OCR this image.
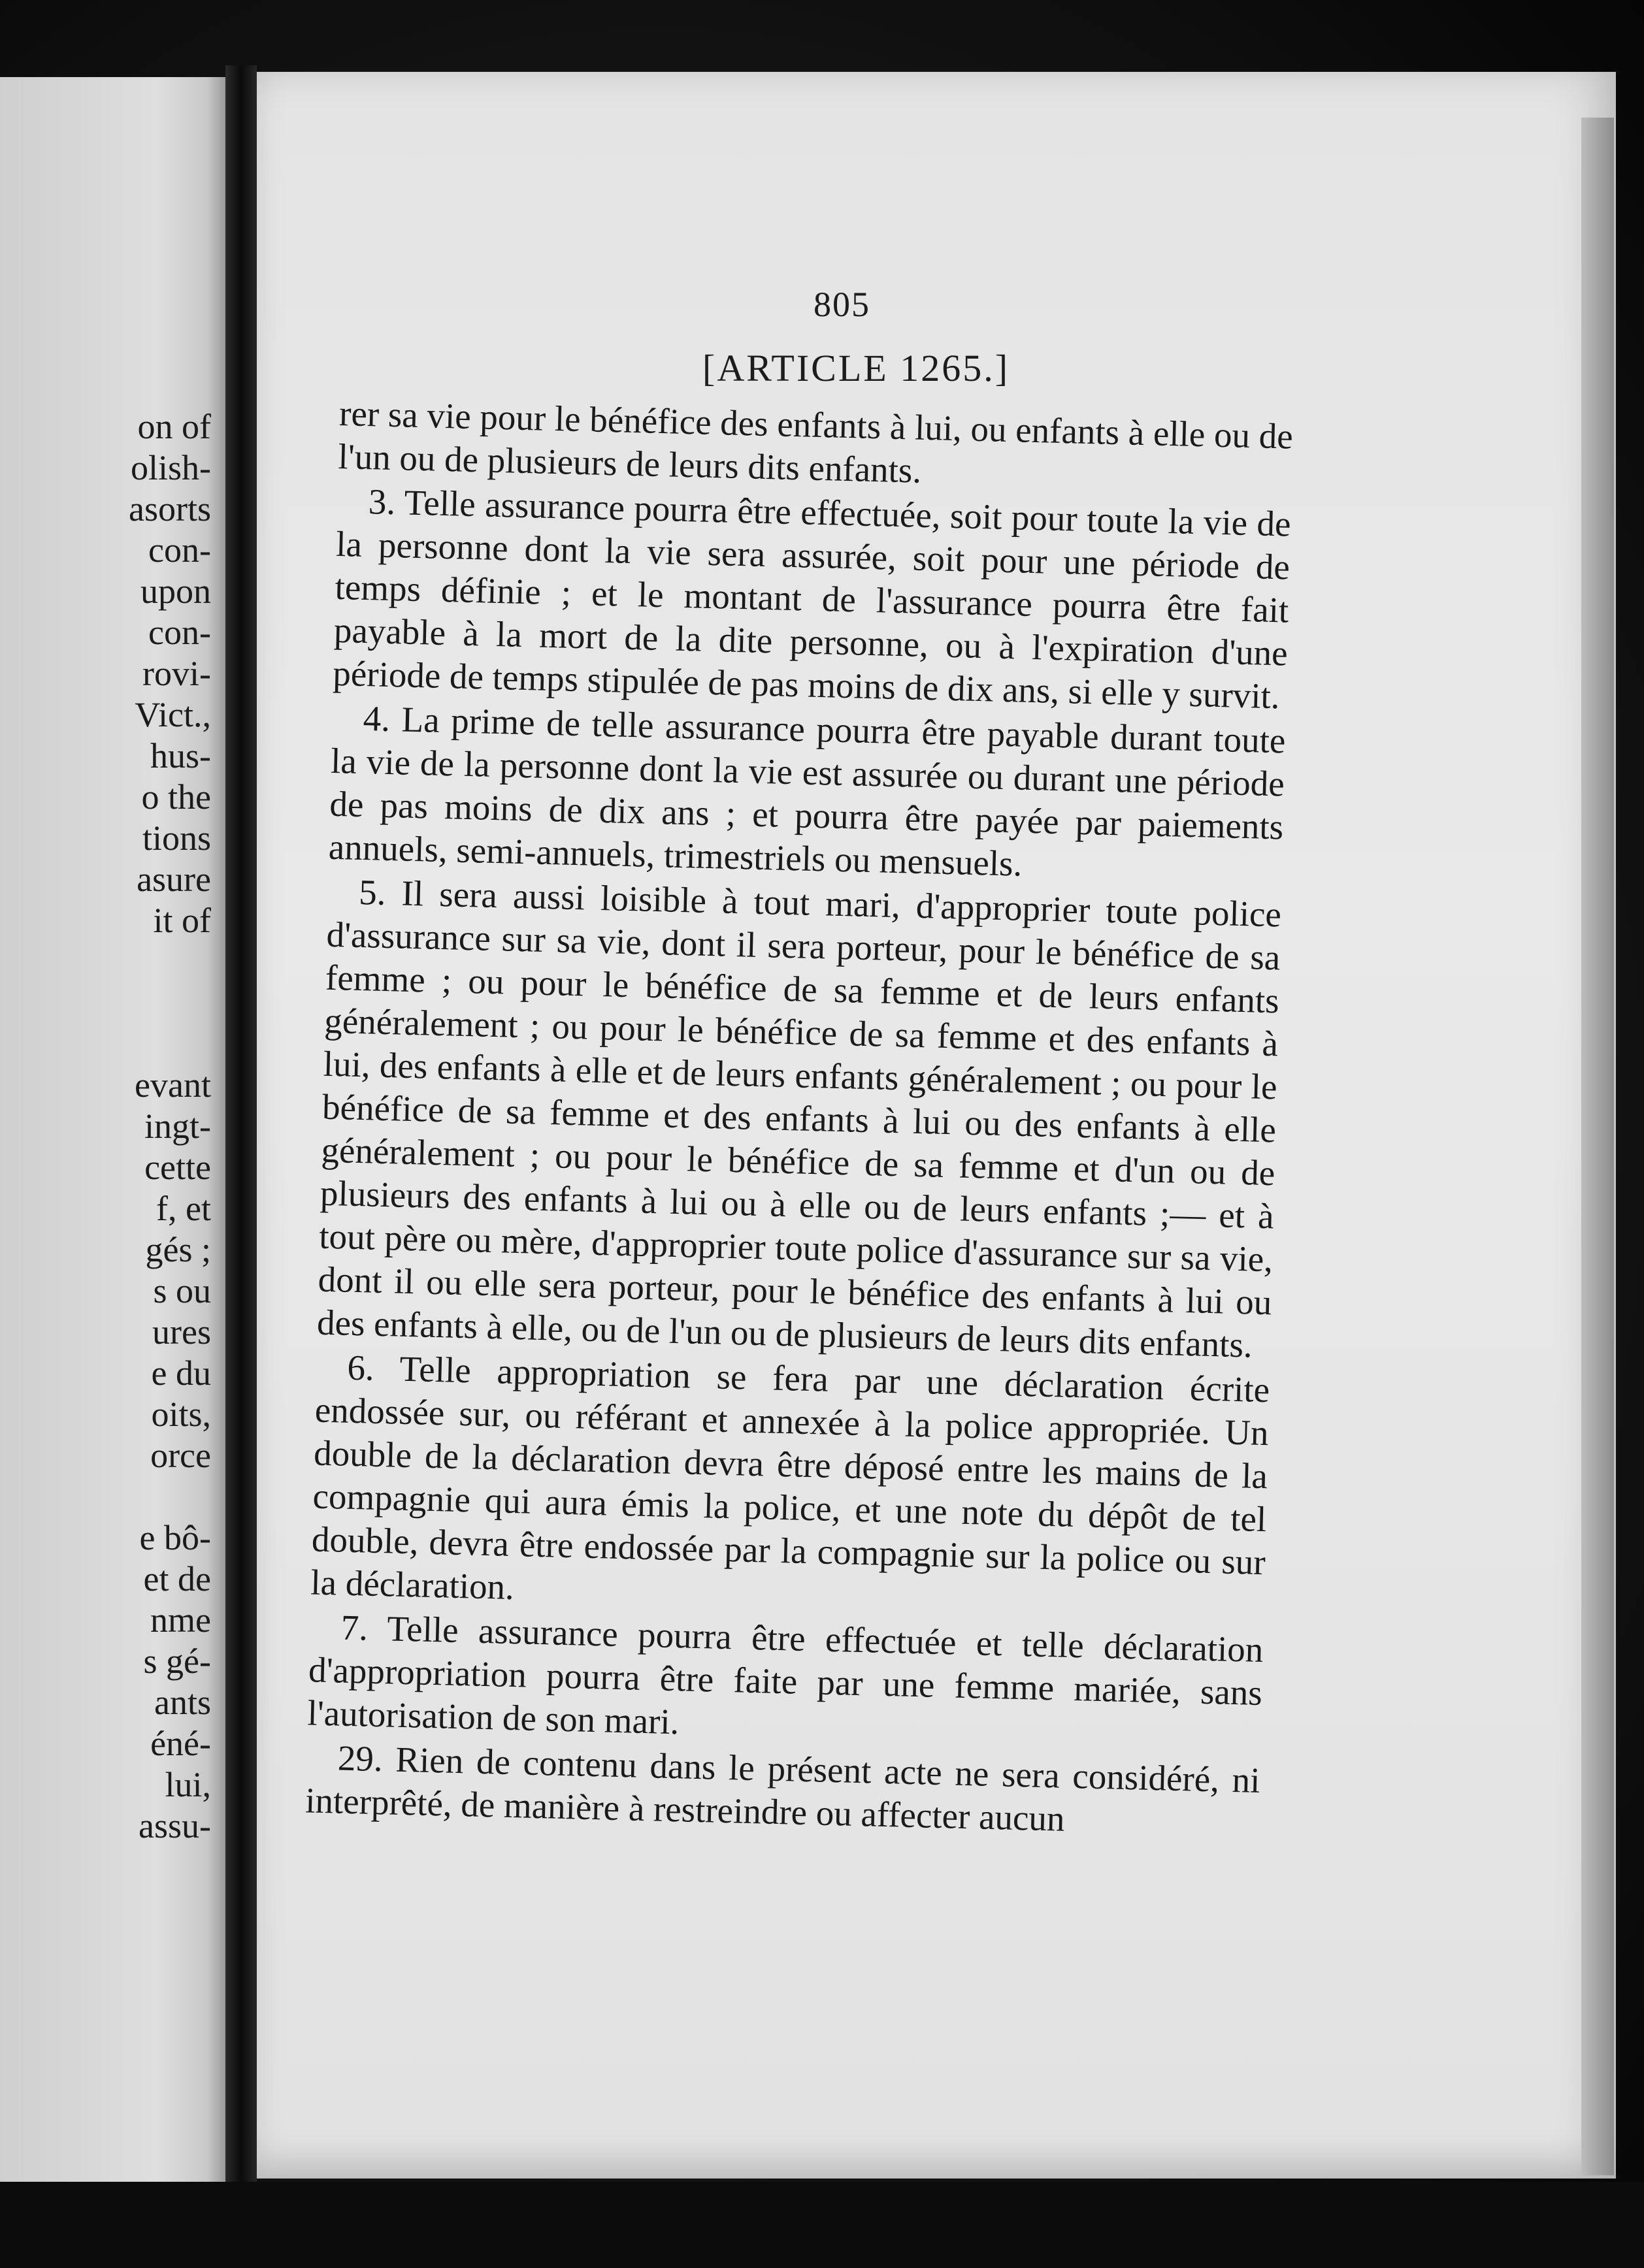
on of
olish-
asorts
con-
upon
con-
rovi-
Vict.,
hus-
o the
tions
asure
it of
evant
ingt-
cette
f, et
gés ;
s ou
ures
e du
oits,
orce
e bô-
et de
nme
s gé-
ants
éné-
lui,
assu-
805
[ARTICLE 1265.]

rer sa vie pour le bénéfice des enfants à lui, ou enfants à elle ou de l'un ou de plusieurs de leurs dits enfants.

3. Telle assurance pourra être effectuée, soit pour toute la vie de la personne dont la vie sera assurée, soit pour une période de temps définie ; et le montant de l'assurance pourra être fait payable à la mort de la dite personne, ou à l'expiration d'une période de temps stipulée de pas moins de dix ans, si elle y survit.

4. La prime de telle assurance pourra être payable durant toute la vie de la personne dont la vie est assurée ou durant une période de pas moins de dix ans ; et pourra être payée par paiements annuels, semi-annuels, trimestriels ou mensuels.

5. Il sera aussi loisible à tout mari, d'approprier toute police d'assurance sur sa vie, dont il sera porteur, pour le bénéfice de sa femme ; ou pour le bénéfice de sa femme et de leurs enfants généralement ; ou pour le bénéfice de sa femme et des enfants à lui, des enfants à elle et de leurs enfants généralement ; ou pour le bénéfice de sa femme et des enfants à lui ou des enfants à elle généralement ; ou pour le bénéfice de sa femme et d'un ou de plusieurs des enfants à lui ou à elle ou de leurs enfants ;— et à tout père ou mère, d'approprier toute police d'assurance sur sa vie, dont il ou elle sera porteur, pour le bénéfice des enfants à lui ou des enfants à elle, ou de l'un ou de plusieurs de leurs dits enfants.

6. Telle appropriation se fera par une déclaration écrite endossée sur, ou référant et annexée à la police appropriée. Un double de la déclaration devra être déposé entre les mains de la compagnie qui aura émis la police, et une note du dépôt de tel double, devra être endossée par la compagnie sur la police ou sur la déclaration.

7. Telle assurance pourra être effectuée et telle déclaration d'appropriation pourra être faite par une femme mariée, sans l'autorisation de son mari.

29. Rien de contenu dans le présent acte ne sera considéré, ni interprêté, de manière à restreindre ou affecter aucun
